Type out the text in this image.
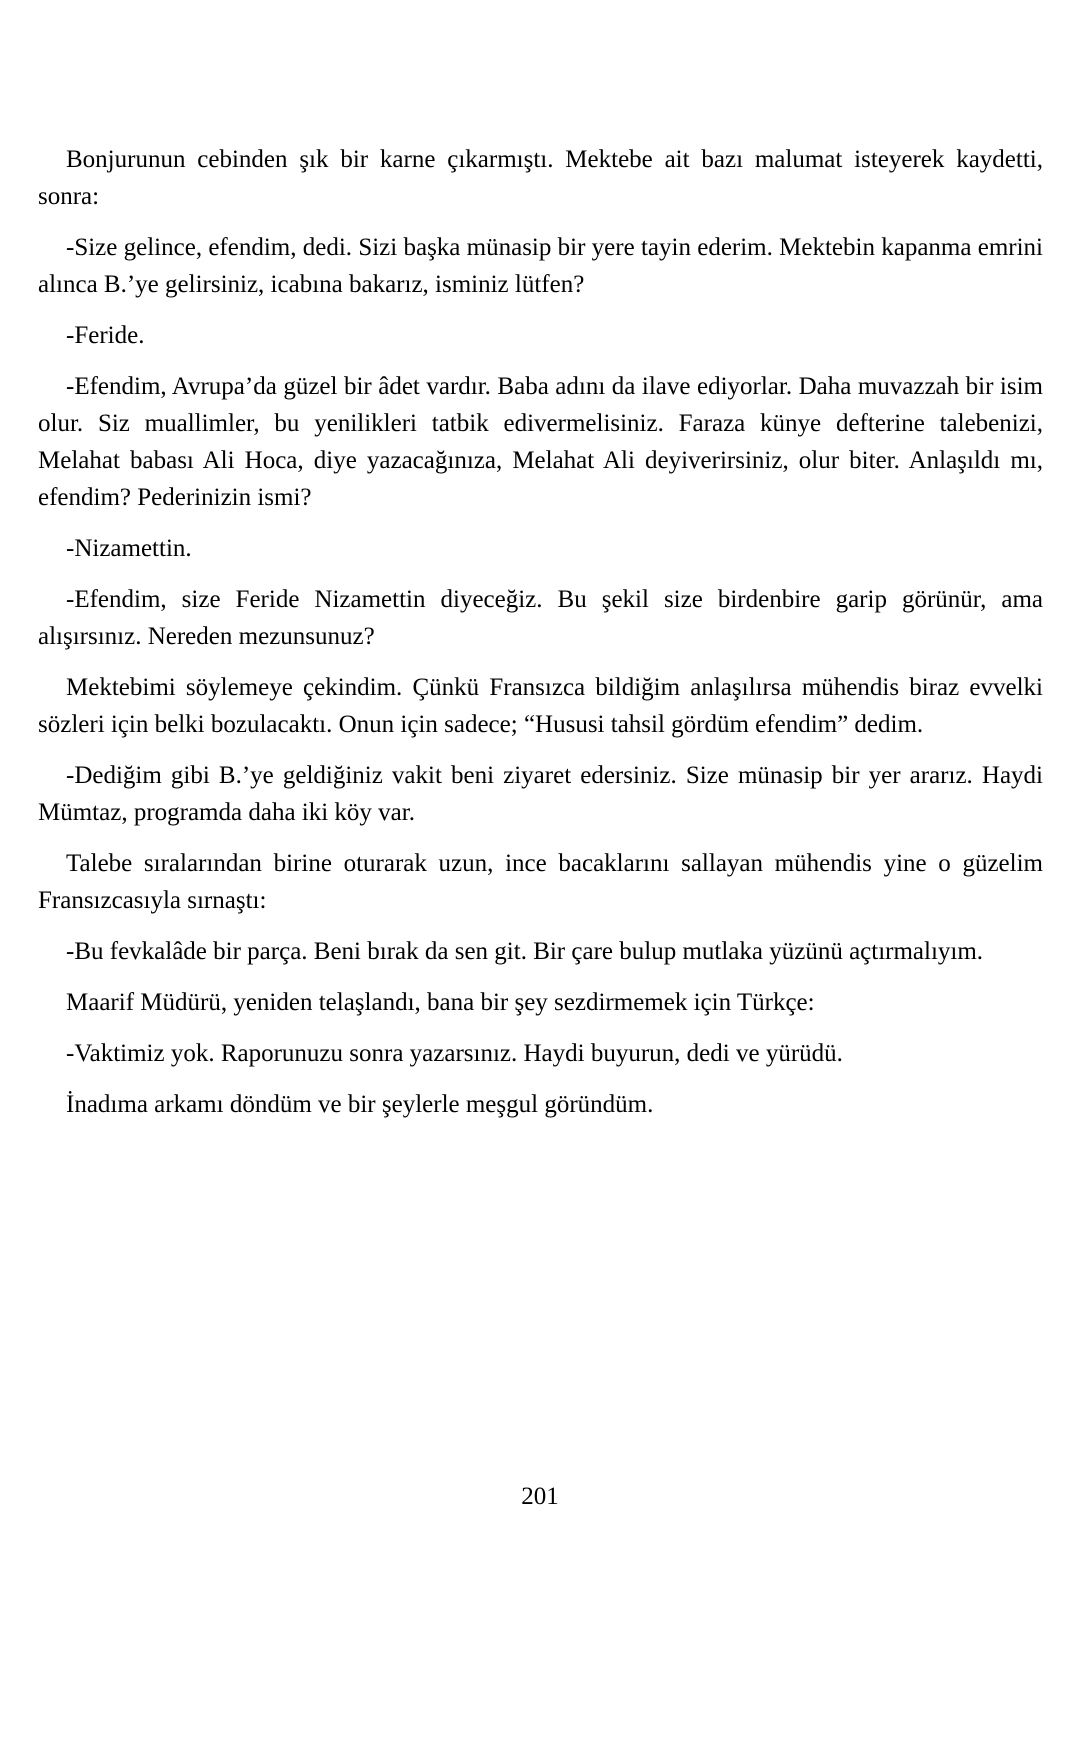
Bonjurunun cebinden şık bir karne çıkarmıştı. Mektebe ait bazı malumat isteyerek kaydetti, sonra:

-Size gelince, efendim, dedi. Sizi başka münasip bir yere tayin ederim. Mektebin kapanma emrini alınca B.’ye gelirsiniz, icabına bakarız, isminiz lütfen?

-Feride.

-Efendim, Avrupa’da güzel bir âdet vardır. Baba adını da ilave ediyorlar. Daha muvazzah bir isim olur. Siz muallimler, bu yenilikleri tatbik edivermelisiniz. Faraza künye defterine talebenizi, Melahat babası Ali Hoca, diye yazacağınıza, Melahat Ali deyiverirsiniz, olur biter. Anlaşıldı mı, efendim? Pederinizin ismi?

-Nizamettin.

-Efendim, size Feride Nizamettin diyeceğiz. Bu şekil size birdenbire garip görünür, ama alışırsınız. Nereden mezunsunuz?

Mektebimi söylemeye çekindim. Çünkü Fransızca bildiğim anlaşılırsa mühendis biraz evvelki sözleri için belki bozulacaktı. Onun için sadece; “Hususi tahsil gördüm efendim” dedim.

-Dediğim gibi B.’ye geldiğiniz vakit beni ziyaret edersiniz. Size münasip bir yer ararız. Haydi Mümtaz, programda daha iki köy var.

Talebe sıralarından birine oturarak uzun, ince bacaklarını sallayan mühendis yine o güzelim Fransızcasıyla sırnaştı:

-Bu fevkalâde bir parça. Beni bırak da sen git. Bir çare bulup mutlaka yüzünü açtırmalıyım.

Maarif Müdürü, yeniden telaşlandı, bana bir şey sezdirmemek için Türkçe:

-Vaktimiz yok. Raporunuzu sonra yazarsınız. Haydi buyurun, dedi ve yürüdü.

İnadıma arkamı döndüm ve bir şeylerle meşgul göründüm.

201
